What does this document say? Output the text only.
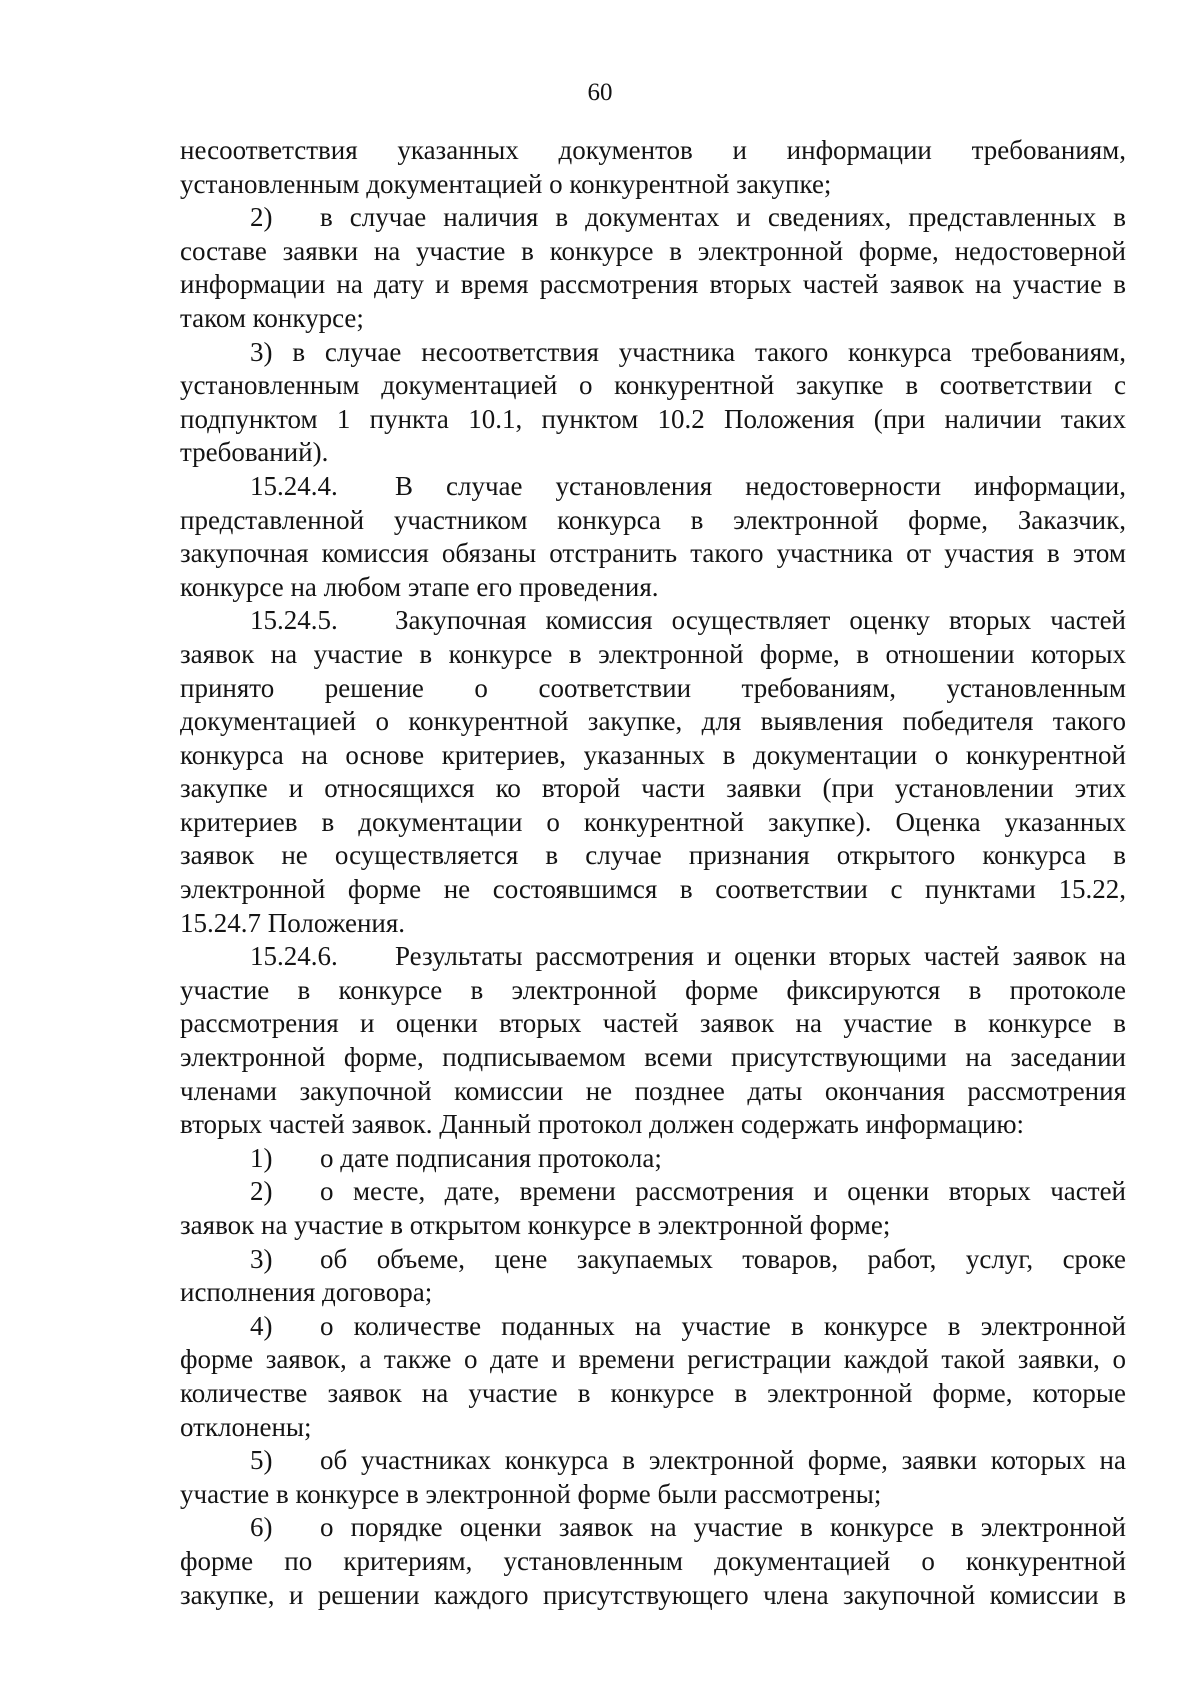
60
несоответствия указанных документов и информации требованиям,
установленным документацией о конкурентной закупке;
2) в случае наличия в документах и сведениях, представленных в
составе заявки на участие в конкурсе в электронной форме, недостоверной
информации на дату и время рассмотрения вторых частей заявок на участие в
таком конкурсе;
3) в случае несоответствия участника такого конкурса требованиям,
установленным документацией о конкурентной закупке в соответствии с
подпунктом 1 пункта 10.1, пунктом 10.2 Положения (при наличии таких
требований).
15.24.4. В случае установления недостоверности информации,
представленной участником конкурса в электронной форме, Заказчик,
закупочная комиссия обязаны отстранить такого участника от участия в этом
конкурсе на любом этапе его проведения.
15.24.5. Закупочная комиссия осуществляет оценку вторых частей
заявок на участие в конкурсе в электронной форме, в отношении которых
принято решение о соответствии требованиям, установленным
документацией о конкурентной закупке, для выявления победителя такого
конкурса на основе критериев, указанных в документации о конкурентной
закупке и относящихся ко второй части заявки (при установлении этих
критериев в документации о конкурентной закупке). Оценка указанных
заявок не осуществляется в случае признания открытого конкурса в
электронной форме не состоявшимся в соответствии с пунктами 15.22,
15.24.7 Положения.
15.24.6. Результаты рассмотрения и оценки вторых частей заявок на
участие в конкурсе в электронной форме фиксируются в протоколе
рассмотрения и оценки вторых частей заявок на участие в конкурсе в
электронной форме, подписываемом всеми присутствующими на заседании
членами закупочной комиссии не позднее даты окончания рассмотрения
вторых частей заявок. Данный протокол должен содержать информацию:
1) о дате подписания протокола;
2) о месте, дате, времени рассмотрения и оценки вторых частей
заявок на участие в открытом конкурсе в электронной форме;
3) об объеме, цене закупаемых товаров, работ, услуг, сроке
исполнения договора;
4) о количестве поданных на участие в конкурсе в электронной
форме заявок, а также о дате и времени регистрации каждой такой заявки, о
количестве заявок на участие в конкурсе в электронной форме, которые
отклонены;
5) об участниках конкурса в электронной форме, заявки которых на
участие в конкурсе в электронной форме были рассмотрены;
6) о порядке оценки заявок на участие в конкурсе в электронной
форме по критериям, установленным документацией о конкурентной
закупке, и решении каждого присутствующего члена закупочной комиссии в
